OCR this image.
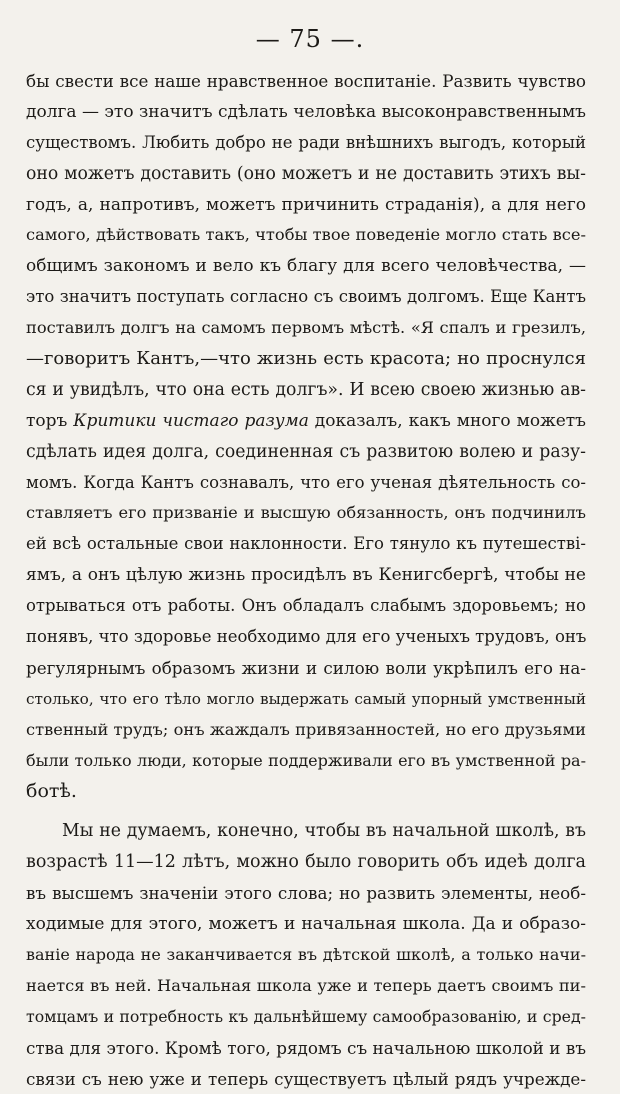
— 75 —.
бы свести все наше нравственное воспитаніе. Развить чувство
долга — это значитъ сдѣлать человѣка высоконравственнымъ
существомъ. Любить добро не ради внѣшнихъ выгодъ, который
оно можетъ доставить (оно можетъ и не доставить этихъ вы-
годъ, а, напротивъ, можетъ причинить страданія), а для него
самого, дѣйствовать такъ, чтобы твое поведеніе могло стать все-
общимъ закономъ и вело къ благу для всего человѣчества, —
это значитъ поступать согласно съ своимъ долгомъ. Еще Кантъ
поставилъ долгъ на самомъ первомъ мѣстѣ. «Я спалъ и грезилъ,
—говоритъ Кантъ,—что жизнь есть красота; но проснулся
ся и увидѣлъ, что она есть долгъ». И всею своею жизнью ав-
торъ Критики чистаго разума доказалъ, какъ много можетъ
сдѣлать идея долга, соединенная съ развитою волею и разу-
момъ. Когда Кантъ сознавалъ, что его ученая дѣятельность со-
ставляетъ его призваніе и высшую обязанность, онъ подчинилъ
ей всѣ остальные свои наклонности. Его тянуло къ путешестві-
ямъ, а онъ цѣлую жизнь просидѣлъ въ Кенигсбергѣ, чтобы не
отрываться отъ работы. Онъ обладалъ слабымъ здоровьемъ; но
понявъ, что здоровье необходимо для его ученыхъ трудовъ, онъ
регулярнымъ образомъ жизни и силою воли укрѣпилъ его на-
столько, что его тѣло могло выдержать самый упорный умственный
ственный трудъ; онъ жаждалъ привязанностей, но его друзьями
были только люди, которые поддерживали его въ умственной ра-
ботѣ.
Мы не думаемъ, конечно, чтобы въ начальной школѣ, въ
возрастѣ 11—12 лѣтъ, можно было говорить объ идеѣ долга
въ высшемъ значеніи этого слова; но развить элементы, необ-
ходимые для этого, можетъ и начальная школа. Да и образо-
ваніе народа не заканчивается въ дѣтской школѣ, а только начи-
нается въ ней. Начальная школа уже и теперь даетъ своимъ пи-
томцамъ и потребность къ дальнѣйшему самообразованію, и сред-
ства для этого. Кромѣ того, рядомъ съ начальною школой и въ
связи съ нею уже и теперь существуетъ цѣлый рядъ учрежде-
